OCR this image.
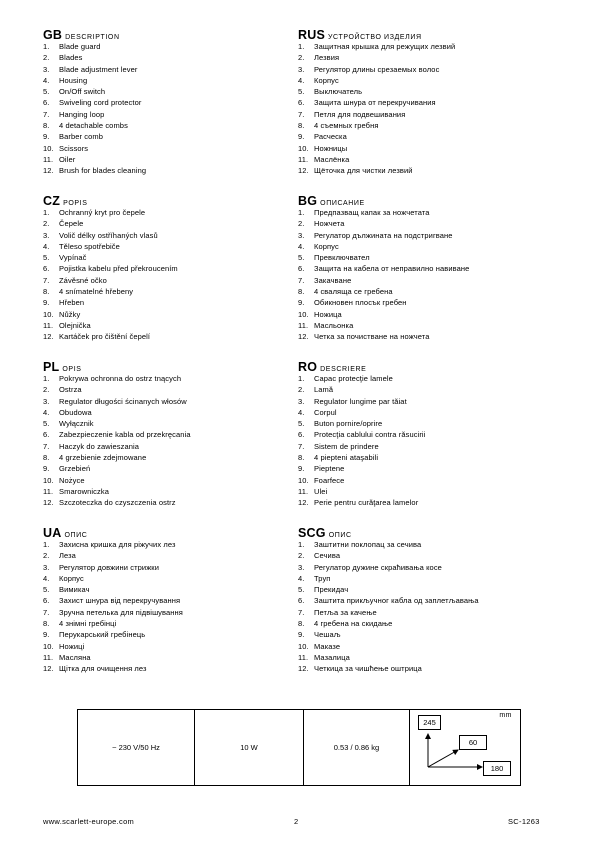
GB DESCRIPTION
1. Blade guard
2. Blades
3. Blade adjustment lever
4. Housing
5. On/Off switch
6. Swiveling cord protector
7. Hanging loop
8. 4 detachable combs
9. Barber comb
10. Scissors
11. Oiler
12. Brush for blades cleaning
RUS УСТРОЙСТВО ИЗДЕЛИЯ
1. Защитная крышка для режущих лезвий
2. Лезвия
3. Регулятор длины срезаемых волос
4. Корпус
5. Выключатель
6. Защита шнура от перекручивания
7. Петля для подвешивания
8. 4 съемных гребня
9. Расческа
10. Ножницы
11. Маслёнка
12. Щёточка для чистки лезвий
CZ POPIS
1. Ochranný kryt pro čepele
2. Čepele
3. Volič délky ostříhaných vlasů
4. Těleso spotřebiče
5. Vypínač
6. Pojistka kabelu před překroucením
7. Závěsné očko
8. 4 snímatelné hřebeny
9. Hřeben
10. Nůžky
11. Olejnička
12. Kartáček pro čištění čepelí
BG ОПИСАНИЕ
1. Предпазващ капак за ножчетата
2. Ножчета
3. Регулатор дължината на подстригване
4. Корпус
5. Превключвател
6. Защита на кабела от неправилно навиване
7. Закачване
8. 4 сваляща се гребена
9. Обикновен плосък гребен
10. Ножица
11. Масльонка
12. Четка за почистване на ножчета
PL OPIS
1. Pokrywa ochronna do ostrz tnących
2. Ostrza
3. Regulator długości ścinanych włosów
4. Obudowa
5. Wyłącznik
6. Zabezpieczenie kabla od przekręcania
7. Haczyk do zawieszania
8. 4 grzebienie zdejmowane
9. Grzebień
10. Nożyce
11. Smarowniczka
12. Szczoteczka do czyszczenia ostrz
RO DESCRIERE
1. Capac protecţie lamele
2. Lamă
3. Regulator lungime par tăiat
4. Corpul
5. Buton pornire/oprire
6. Protecţia cablului contra răsucirii
7. Sistem de prindere
8. 4 piepteni ataşabili
9. Pieptene
10. Foarfece
11. Ulei
12. Perie pentru curăţarea lamelor
UA ОПИС
1. Захисна кришка для ріжучих лез
2. Леза
3. Регулятор довжини стрижки
4. Корпус
5. Вимикач
6. Захист шнура від перекручування
7. Зручна петелька для підвішування
8. 4 знімні гребінці
9. Перукарський гребінець
10. Ножиці
11. Масляна
12. Щітка для очищення лез
SCG ОПИС
1. Заштитни поклопац за сечива
2. Сечива
3. Регулатор дужине скраћивања косе
4. Труп
5. Прекидач
6. Заштита прикључног кабла од заплетљавања
7. Петља за качење
8. 4 гребена на скидање
9. Чешаљ
10. Маказе
11. Мазалица
12. Четкица за чишћење оштрица
~ 230 V/50 Hz	10 W	0.53 / 0.86 kg
mm
245
60
180
www.scarlett-europe.com	2	SC-1263
